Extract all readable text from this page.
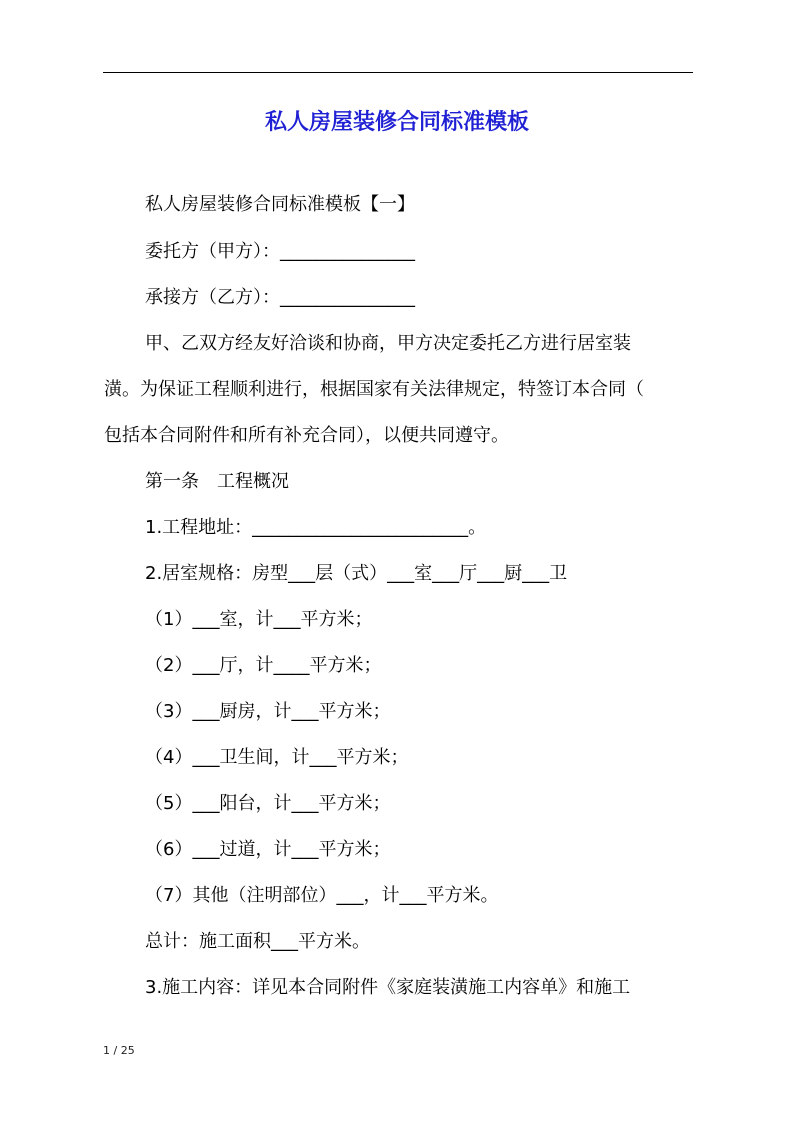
私人房屋装修合同标准模板

私人房屋装修合同标准模板【一】

委托方（甲方）：_______________

承接方（乙方）：_______________

甲、乙双方经友好洽谈和协商，甲方决定委托乙方进行居室装

潢。为保证工程顺利进行，根据国家有关法律规定，特签订本合同（

包括本合同附件和所有补充合同），以便共同遵守。

第一条　工程概况

1.工程地址：________________________。

2.居室规格：房型___层（式）___室___厅___厨___卫

（1）___室，计___平方米；

（2）___厅，计____平方米；

（3）___厨房，计___平方米；

（4）___卫生间，计___平方米；

（5）___阳台，计___平方米；

（6）___过道，计___平方米；

（7）其他（注明部位）___，计___平方米。

总计：施工面积___平方米。

3.施工内容：详见本合同附件《家庭装潢施工内容单》和施工

1 / 25
